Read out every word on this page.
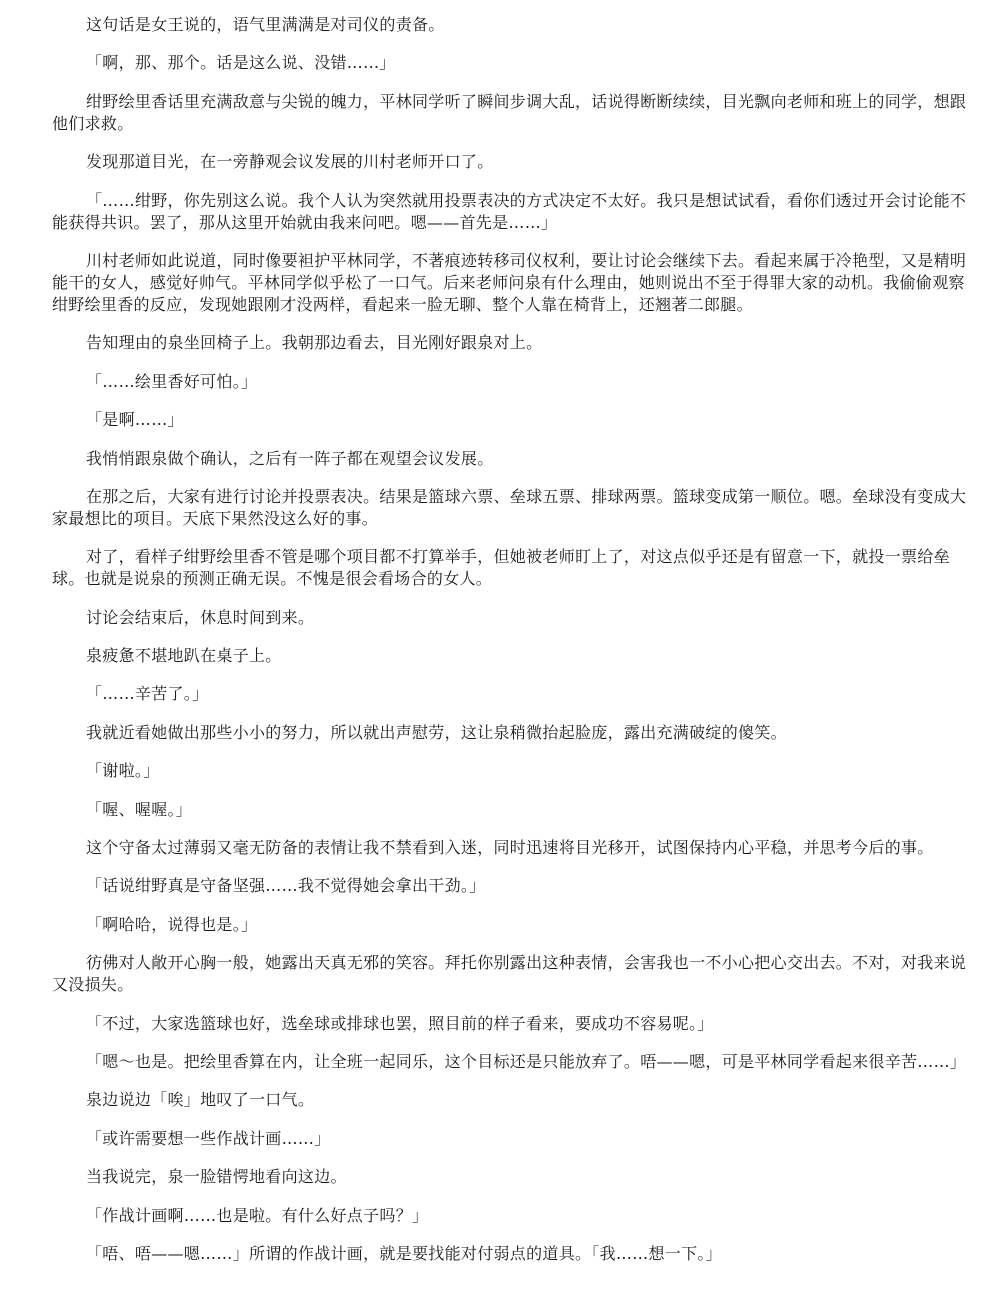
这句话是女王说的，语气里满满是对司仪的责备。

「啊，那、那个。话是这么说、没错……」

绀野绘里香话里充满敌意与尖锐的魄力，平林同学听了瞬间步调大乱，话说得断断续续，目光飘向老师和班上的同学，想跟他们求救。

发现那道目光，在一旁静观会议发展的川村老师开口了。

「……绀野，你先别这么说。我个人认为突然就用投票表决的方式决定不太好。我只是想试试看，看你们透过开会讨论能不能获得共识。罢了，那从这里开始就由我来问吧。嗯——首先是……」

川村老师如此说道，同时像要袒护平林同学，不著痕迹转移司仪权利，要让讨论会继续下去。看起来属于冷艳型，又是精明能干的女人，感觉好帅气。平林同学似乎松了一口气。后来老师问泉有什么理由，她则说出不至于得罪大家的动机。我偷偷观察绀野绘里香的反应，发现她跟刚才没两样，看起来一脸无聊、整个人靠在椅背上，还翘著二郎腿。

告知理由的泉坐回椅子上。我朝那边看去，目光刚好跟泉对上。

「……绘里香好可怕。」

「是啊……」

我悄悄跟泉做个确认，之后有一阵子都在观望会议发展。

在那之后，大家有进行讨论并投票表决。结果是篮球六票、垒球五票、排球两票。篮球变成第一顺位。嗯。垒球没有变成大家最想比的项目。天底下果然没这么好的事。

对了，看样子绀野绘里香不管是哪个项目都不打算举手，但她被老师盯上了，对这点似乎还是有留意一下，就投一票给垒球。也就是说泉的预测正确无误。不愧是很会看场合的女人。

讨论会结束后，休息时间到来。

泉疲惫不堪地趴在桌子上。

「……辛苦了。」

我就近看她做出那些小小的努力，所以就出声慰劳，这让泉稍微抬起脸庞，露出充满破绽的傻笑。

「谢啦。」

「喔、喔喔。」

这个守备太过薄弱又毫无防备的表情让我不禁看到入迷，同时迅速将目光移开，试图保持内心平稳，并思考今后的事。

「话说绀野真是守备坚强……我不觉得她会拿出干劲。」

「啊哈哈，说得也是。」

彷佛对人敞开心胸一般，她露出天真无邪的笑容。拜托你别露出这种表情，会害我也一不小心把心交出去。不对，对我来说又没损失。

「不过，大家选篮球也好，选垒球或排球也罢，照目前的样子看来，要成功不容易呢。」

「嗯～也是。把绘里香算在内，让全班一起同乐，这个目标还是只能放弃了。唔——嗯，可是平林同学看起来很辛苦……」

泉边说边「唉」地叹了一口气。

「或许需要想一些作战计画……」

当我说完，泉一脸错愕地看向这边。

「作战计画啊……也是啦。有什么好点子吗？」

「唔、唔——嗯……」所谓的作战计画，就是要找能对付弱点的道具。「我……想一下。」
